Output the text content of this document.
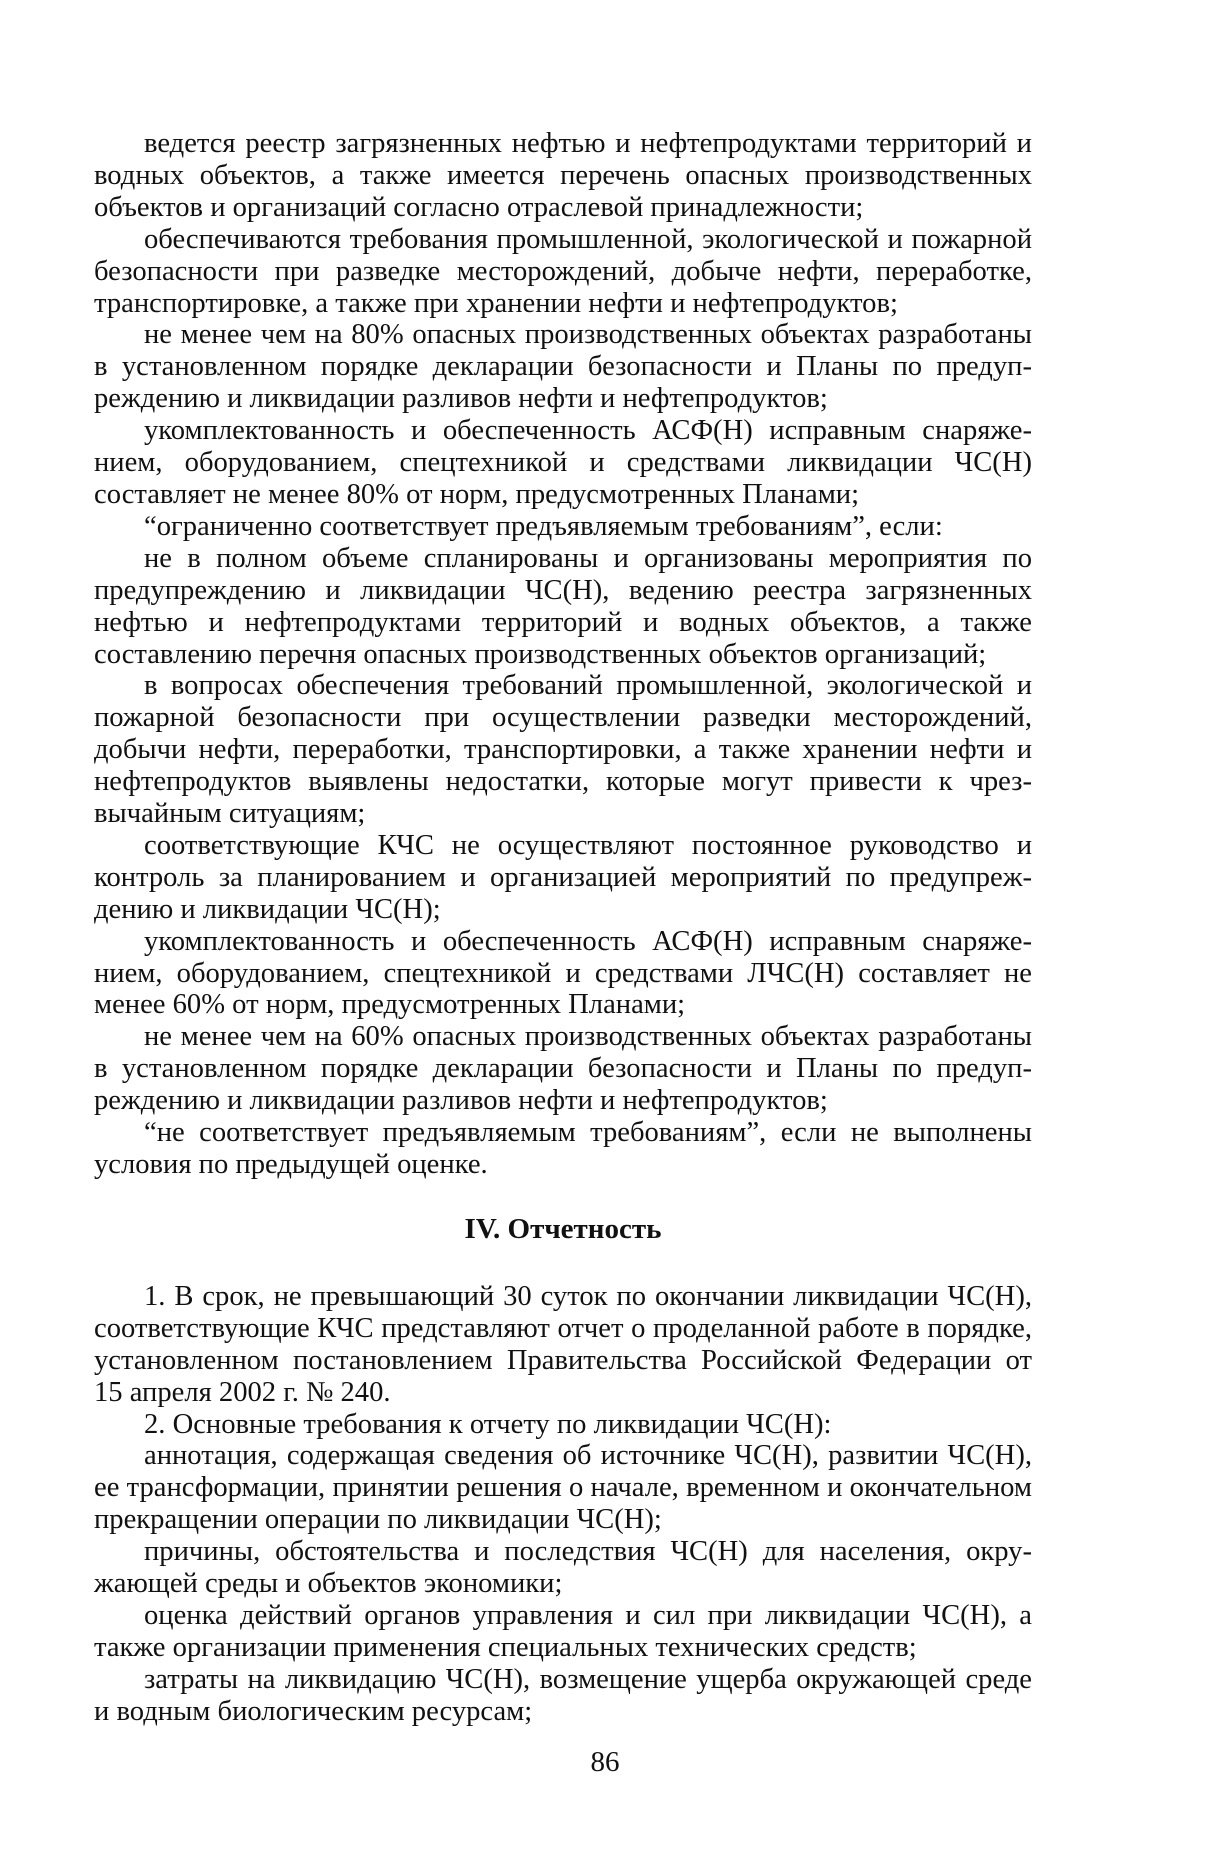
ведется реестр загрязненных нефтью и нефтепродуктами территорий и водных объектов, а также имеется перечень опасных производственных объектов и организаций согласно отраслевой принадлежности;

обеспечиваются требования промышленной, экологической и пожарной безопасности при разведке месторождений, добыче нефти, переработке, транспортировке, а также при хранении нефти и нефтепродуктов;

не менее чем на 80% опасных производственных объектах разработаны в установленном порядке декларации безопасности и Планы по предупреждению и ликвидации разливов нефти и нефтепродуктов;

укомплектованность и обеспеченность АСФ(Н) исправным снаряжением, оборудованием, спецтехникой и средствами ликвидации ЧС(Н) составляет не менее 80% от норм, предусмотренных Планами;

“ограниченно соответствует предъявляемым требованиям”, если:

не в полном объеме спланированы и организованы мероприятия по предупреждению и ликвидации ЧС(Н), ведению реестра загрязненных нефтью и нефтепродуктами территорий и водных объектов, а также составлению перечня опасных производственных объектов организаций;

в вопросах обеспечения требований промышленной, экологической и пожарной безопасности при осуществлении разведки месторождений, добычи нефти, переработки, транспортировки, а также хранении нефти и нефтепродуктов выявлены недостатки, которые могут привести к чрезвычайным ситуациям;

соответствующие КЧС не осуществляют постоянное руководство и контроль за планированием и организацией мероприятий по предупреждению и ликвидации ЧС(Н);

укомплектованность и обеспеченность АСФ(Н) исправным снаряжением, оборудованием, спецтехникой и средствами ЛЧС(Н) составляет не менее 60% от норм, предусмотренных Планами;

не менее чем на 60% опасных производственных объектах разработаны в установленном порядке декларации безопасности и Планы по предупреждению и ликвидации разливов нефти и нефтепродуктов;

“не соответствует предъявляемым требованиям”, если не выполнены условия по предыдущей оценке.

IV. Отчетность

1. В срок, не превышающий 30 суток по окончании ликвидации ЧС(Н), соответствующие КЧС представляют отчет о проделанной работе в порядке, установленном постановлением Правительства Российской Федерации от 15 апреля 2002 г. № 240.

2. Основные требования к отчету по ликвидации ЧС(Н):

аннотация, содержащая сведения об источнике ЧС(Н), развитии ЧС(Н), ее трансформации, принятии решения о начале, временном и окончательном прекращении операции по ликвидации ЧС(Н);

причины, обстоятельства и последствия ЧС(Н) для населения, окружающей среды и объектов экономики;

оценка действий органов управления и сил при ликвидации ЧС(Н), а также организации применения специальных технических средств;

затраты на ликвидацию ЧС(Н), возмещение ущерба окружающей среде и водным биологическим ресурсам;

86
